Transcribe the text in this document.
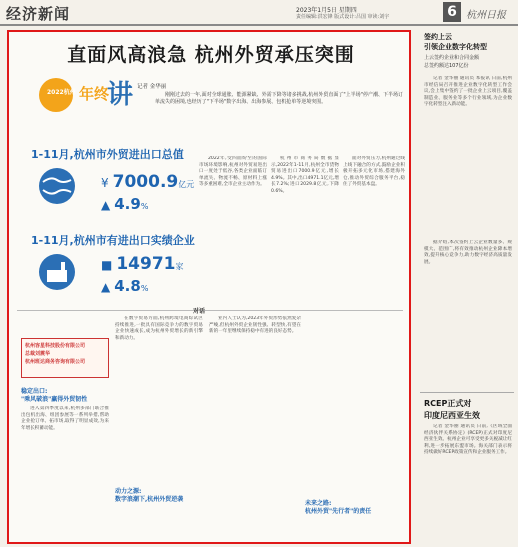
经济新闻	2023年1月5日 星期四
责任编辑:洪宏锋 版式设计:吕国 审读:刘宇	6 杭州日报
直面风高浪急 杭州外贸承压突围
2022杭州 年终
讲 记者 金华丽
刚刚过去的一年,面对全球通胀、能源紧缺、外需下降等诸多挑战,杭州外贸直面了"上半场"停产潮、下半场订单流失的困境,也经历了"下半场"数字出海、出海参展、包机抢单等逆境突围。
1-11月,杭州市外贸进出口总值
¥ 7000.9亿元
▲ 4.9%
1-11月,杭州市有进出口实绩企业
■ 14971家
▲ 4.8%
2022年,受四面纷至的国际市场环境影响,杭州对外贸易进出口一度处于低谷,各类企业面临订单流失、物流不畅、原材料上涨等多重困难,全市企业主动作为。
杭州市商务局数据显示,2022年1-11月,杭州全市货物贸易进出口7000.9亿元,增长4.9%。其中,出口4971.1亿元,增长7.2%;进口2029.8亿元,下降0.6%。
面对外贸压力,杭州通过线上线下融合的方式,鼓励企业积极开拓多元化市场,搭建海外仓,推动外贸综合服务平台,稳住了外贸基本盘。
对话

杭州容星科技股份有限公司

总裁刘震华

杭州班达商务咨询有限公司

稳定出口:
"乘风破浪"赢得外贸韧性
进入第四季度以来,杭州多部门联合推出包机出海、组团参展等一系列举措,帮助企业抢订单、拓市场,取得了明显成效,为来年增长积蓄动能。
在数字贸易方面,杭州跨境电商综试区持续推进,一批具有国际竞争力的数字贸易企业快速成长,成为杭州外贸增长的新引擎和新动力。
动力之源:
数字浪潮下,杭州外贸逆袭
业内人士认为,2023年外贸形势依然复杂严峻,但杭州外贸企业韧性强、转型快,有望在新的一年里继续保持稳中有进的良好态势。
未来之路:
杭州外贸"先行者"的责任
签约上云
引领企业数字化转型
上云签约企业和合同金额
总签约额达107亿份
记者 金华丽 通讯员 本报讯 日前,杭州市经信局召开推进企业数字化转型工作会议,会上集中签约了一批企业上云项目,覆盖制造业、服务业等多个行业领域,为企业数字化转型注入新动能。
据介绍,本次签约上云企业数量多、规模大、范围广,将有效推动杭州企业降本增效,提升核心竞争力,助力数字经济高质量发展。
RCEP正式对
印度尼西亚生效
记者 金华丽 通讯员 日前,《区域全面经济伙伴关系协定》(RCEP)正式对印度尼西亚生效。杭州企业可享受更多关税减让红利,进一步拓展东盟市场。海关部门表示将持续做好RCEP政策宣传和企业服务工作。
